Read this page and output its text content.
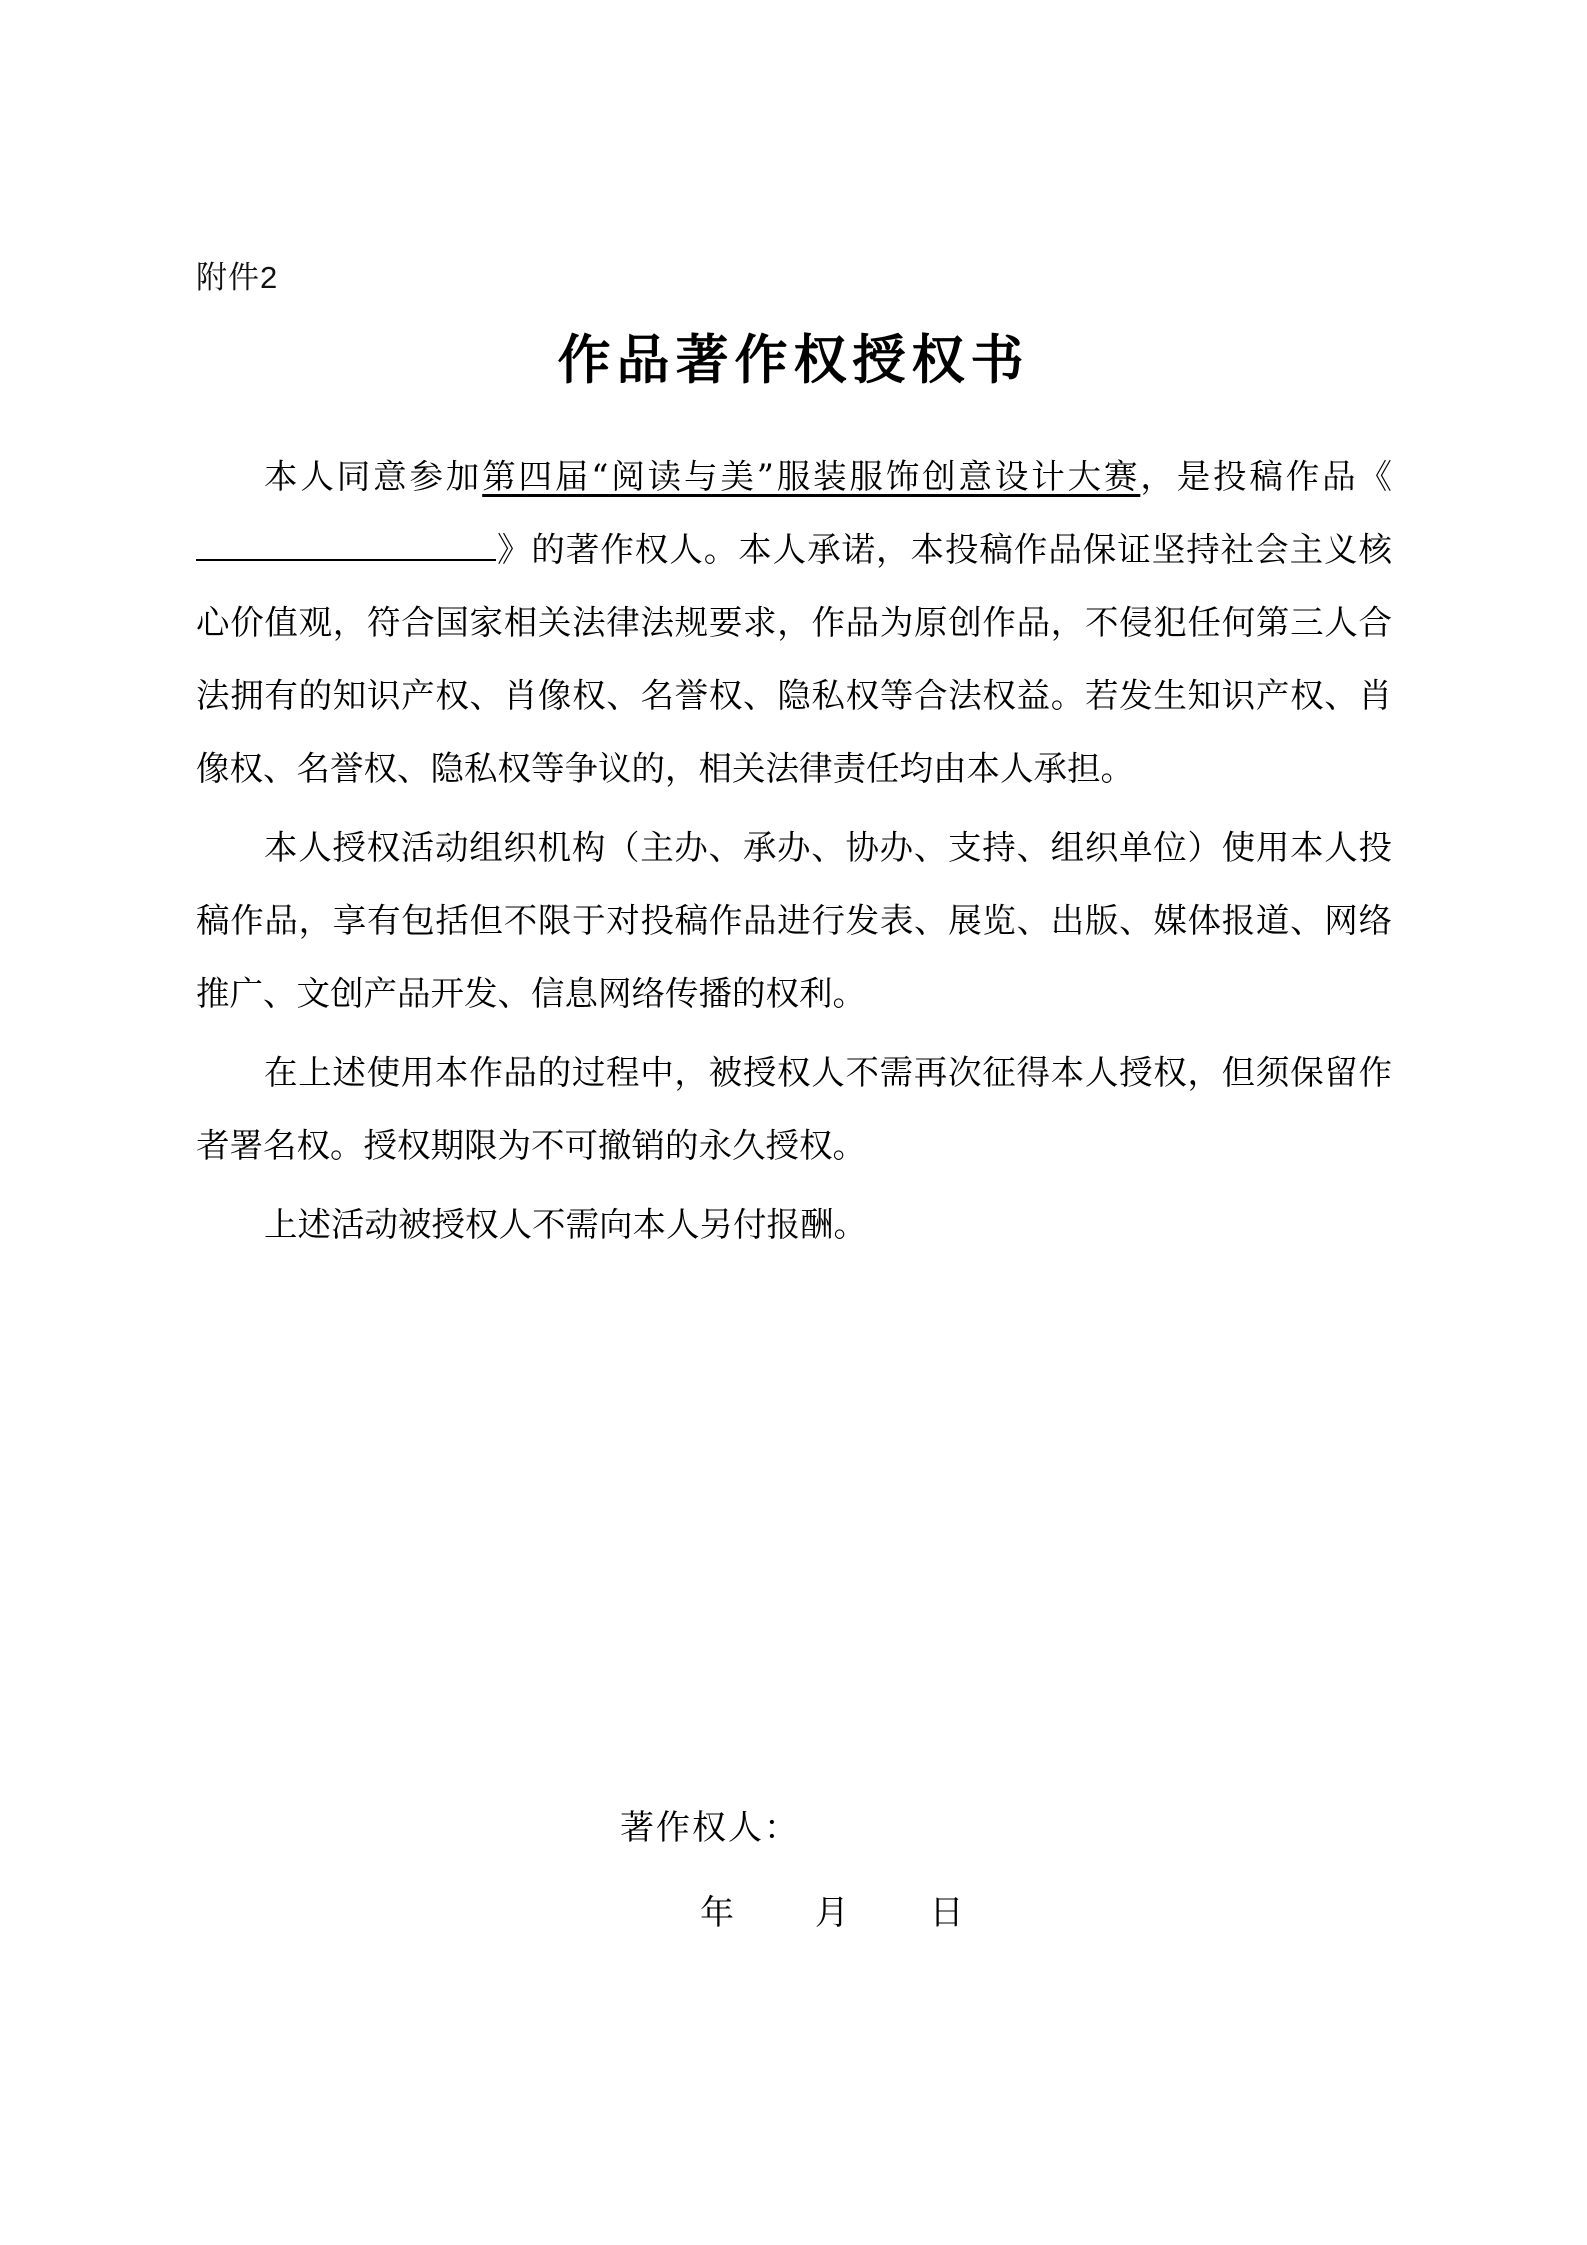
附件2
作品著作权授权书
本人同意参加第四届“阅读与美”服装服饰创意设计大赛，是投稿作品《》的著作权人。本人承诺，本投稿作品保证坚持社会主义核心价值观，符合国家相关法律法规要求，作品为原创作品，不侵犯任何第三人合法拥有的知识产权、肖像权、名誉权、隐私权等合法权益。若发生知识产权、肖像权、名誉权、隐私权等争议的，相关法律责任均由本人承担。
本人授权活动组织机构（主办、承办、协办、支持、组织单位）使用本人投稿作品，享有包括但不限于对投稿作品进行发表、展览、出版、媒体报道、网络推广、文创产品开发、信息网络传播的权利。
在上述使用本作品的过程中，被授权人不需再次征得本人授权，但须保留作者署名权。授权期限为不可撤销的永久授权。
上述活动被授权人不需向本人另付报酬。
著作权人：
年 月 日
